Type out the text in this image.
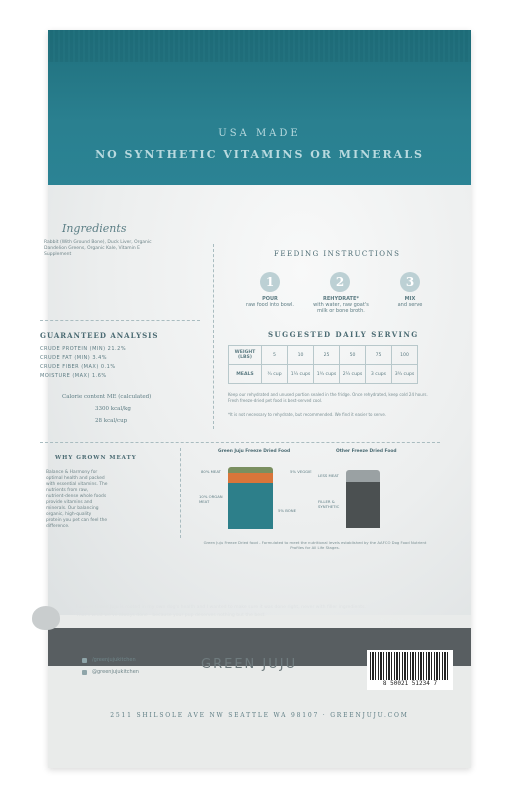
USA MADE
NO SYNTHETIC VITAMINS OR MINERALS
Ingredients
Rabbit (With Ground Bone), Duck Liver, Organic Dandelion Greens, Organic Kale, Vitamin E Supplement
GUARANTEED ANALYSIS
CRUDE PROTEIN (MIN) 21.2%
CRUDE FAT (MIN) 3.4%
CRUDE FIBER (MAX) 0.1%
MOISTURE (MAX) 1.6%
Calorie content ME (calculated)
3300 kcal/kg
28 kcal/cup
FEEDING INSTRUCTIONS
1	2	3
POUR
raw food into bowl.
REHYDRATE*
with water, raw goat's milk or bone broth.
MIX
and serve
SUGGESTED DAILY SERVING
WEIGHT (LBS)	5	10	25	50	75	100
MEALS	¾ cup	1¼ cups	1¾ cups	2¼ cups	3 cups	3¾ cups
Keep our rehydrated and unused portion sealed in the fridge. Once rehydrated, keep cold 24 hours. Fresh freeze-dried pet food is best-served cool.
*It is not necessary to rehydrate, but recommended. We find it easier to serve.
WHY GROWN MEATY
Balance & Harmony for optimal health and packed with essential vitamins. The nutrients from raw, nutrient-dense whole foods provide vitamins and minerals. Our balancing organic, high-quality protein you pet can feel the difference.
Green Juju Freeze Dried Food	Other Freeze Dried Food
80% MEAT
10% ORGAN MEAT
5% VEGGIE
5% BONE
LESS MEAT
FILLER & SYNTHETIC
Green Juju Freeze Dried food - Formulated to meet the nutritional levels established by the AAFCO Dog Food Nutrient Profiles for All Life Stages.
Forever Green Juju is rooted in my own dog's health and I wanted to make sure it was done right, never with filler ingredients.
That's what we've always done - because your pup deserves nothing but the best.
Kelly Mason
/greenjujukitchen
@greenjujukitchen	GREEN JUJU
8 50021 51234 7
2511 SHILSOLE AVE NW SEATTLE WA 98107 · GREENJUJU.COM
